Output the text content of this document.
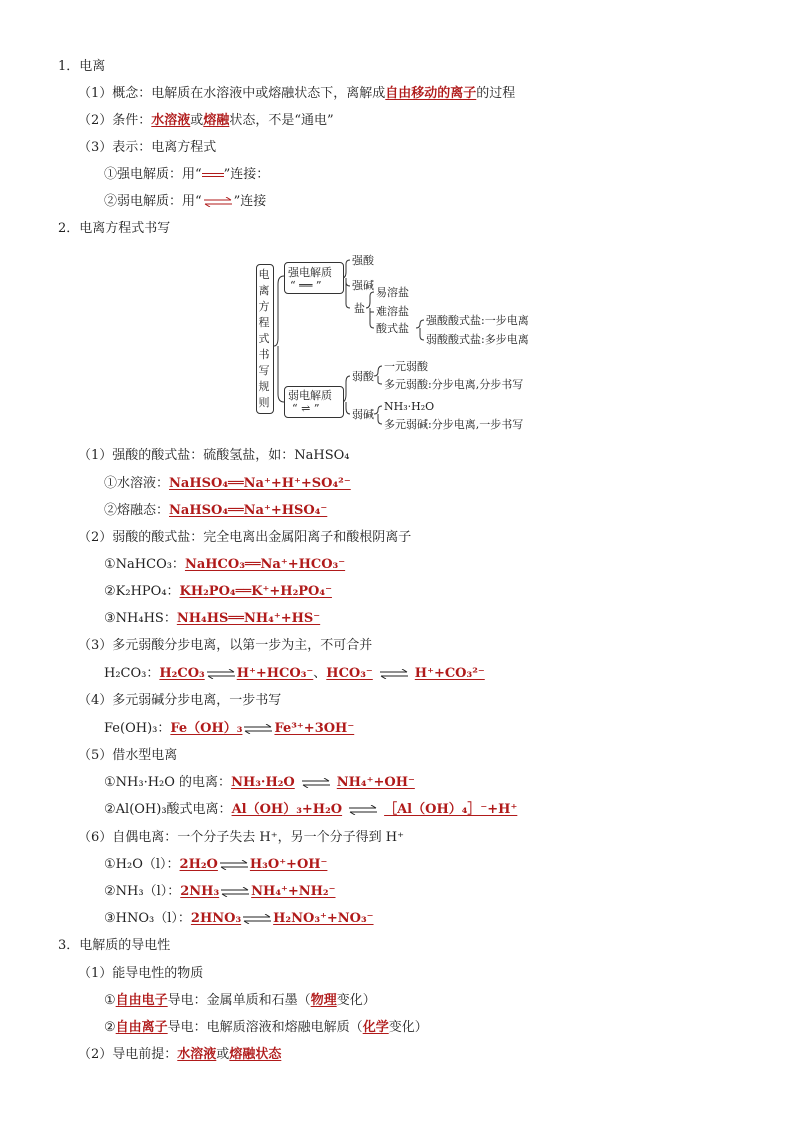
1．电离
（1）概念：电解质在水溶液中或熔融状态下，离解成自由移动的离子的过程
（2）条件：水溶液或熔融状态，不是“通电”
（3）表示：电离方程式
①强电解质：用“ ”连接：
②弱电解质：用“ ”连接
2．电离方程式书写
电
离
方
程
式
书
写
规
则
强电解质
“ ══ ”
弱电解质
“ ⇌ ”
强酸
强碱
盐
易溶盐
难溶盐
酸式盐
强酸酸式盐:一步电离
弱酸酸式盐:多步电离
弱酸
一元弱酸
多元弱酸:分步电离,分步书写
弱碱
NH₃·H₂O
多元弱碱:分步电离,一步书写
（1）强酸的酸式盐：硫酸氢盐，如：NaHSO₄
①水溶液：NaHSO₄══Na⁺+H⁺+SO₄²⁻
②熔融态：NaHSO₄══Na⁺+HSO₄⁻
（2）弱酸的酸式盐：完全电离出金属阳离子和酸根阴离子
①NaHCO₃：NaHCO₃══Na⁺+HCO₃⁻
②K₂HPO₄：KH₂PO₄══K⁺+H₂PO₄⁻
③NH₄HS：NH₄HS══NH₄⁺+HS⁻
（3）多元弱酸分步电离，以第一步为主，不可合并
H₂CO₃：H₂CO₃ H⁺+HCO₃⁻、HCO₃⁻	H⁺+CO₃²⁻
（4）多元弱碱分步电离，一步书写
Fe(OH)₃：Fe（OH）₃ Fe³⁺+3OH⁻
（5）借水型电离
①NH₃·H₂O 的电离：NH₃·H₂O	NH₄⁺+OH⁻
②Al(OH)₃酸式电离：Al（OH）₃+H₂O	［Al（OH）₄］⁻+H⁺
（6）自偶电离：一个分子失去 H⁺，另一个分子得到 H⁺
①H₂O（l）：2H₂O H₃O⁺+OH⁻
②NH₃（l）：2NH₃ NH₄⁺+NH₂⁻
③HNO₃（l）：2HNO₃ H₂NO₃⁺+NO₃⁻
3．电解质的导电性
（1）能导电性的物质
①自由电子导电：金属单质和石墨（物理变化）
②自由离子导电：电解质溶液和熔融电解质（化学变化）
（2）导电前提：水溶液或熔融状态
